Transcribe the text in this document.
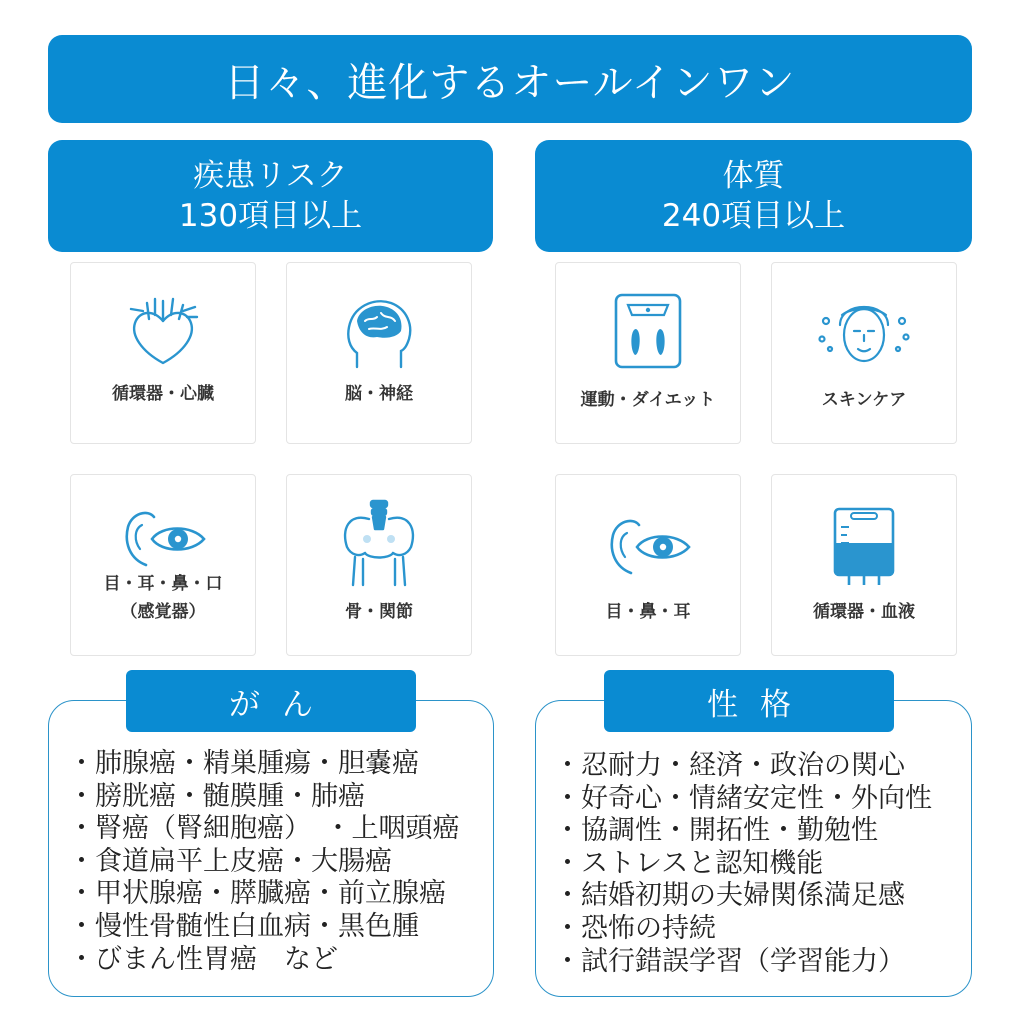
日々、進化するオールインワン
疾患リスク
130項目以上
体質
240項目以上
循環器・心臓	脳・神経	運動・ダイエット	スキンケア
目・耳・鼻・口
（感覚器）	骨・関節	目・鼻・耳	循環器・血液
がん
・肺腺癌・精巣腫瘍・胆嚢癌
・膀胱癌・髄膜腫・肺癌
・腎癌（腎細胞癌）　・上咽頭癌
・食道扁平上皮癌・大腸癌
・甲状腺癌・膵臓癌・前立腺癌
・慢性骨髄性白血病・黒色腫
・びまん性胃癌　など
性格
・忍耐力・経済・政治の関心
・好奇心・情緒安定性・外向性
・協調性・開拓性・勤勉性
・ストレスと認知機能
・結婚初期の夫婦関係満足感
・恐怖の持続
・試行錯誤学習（学習能力）
